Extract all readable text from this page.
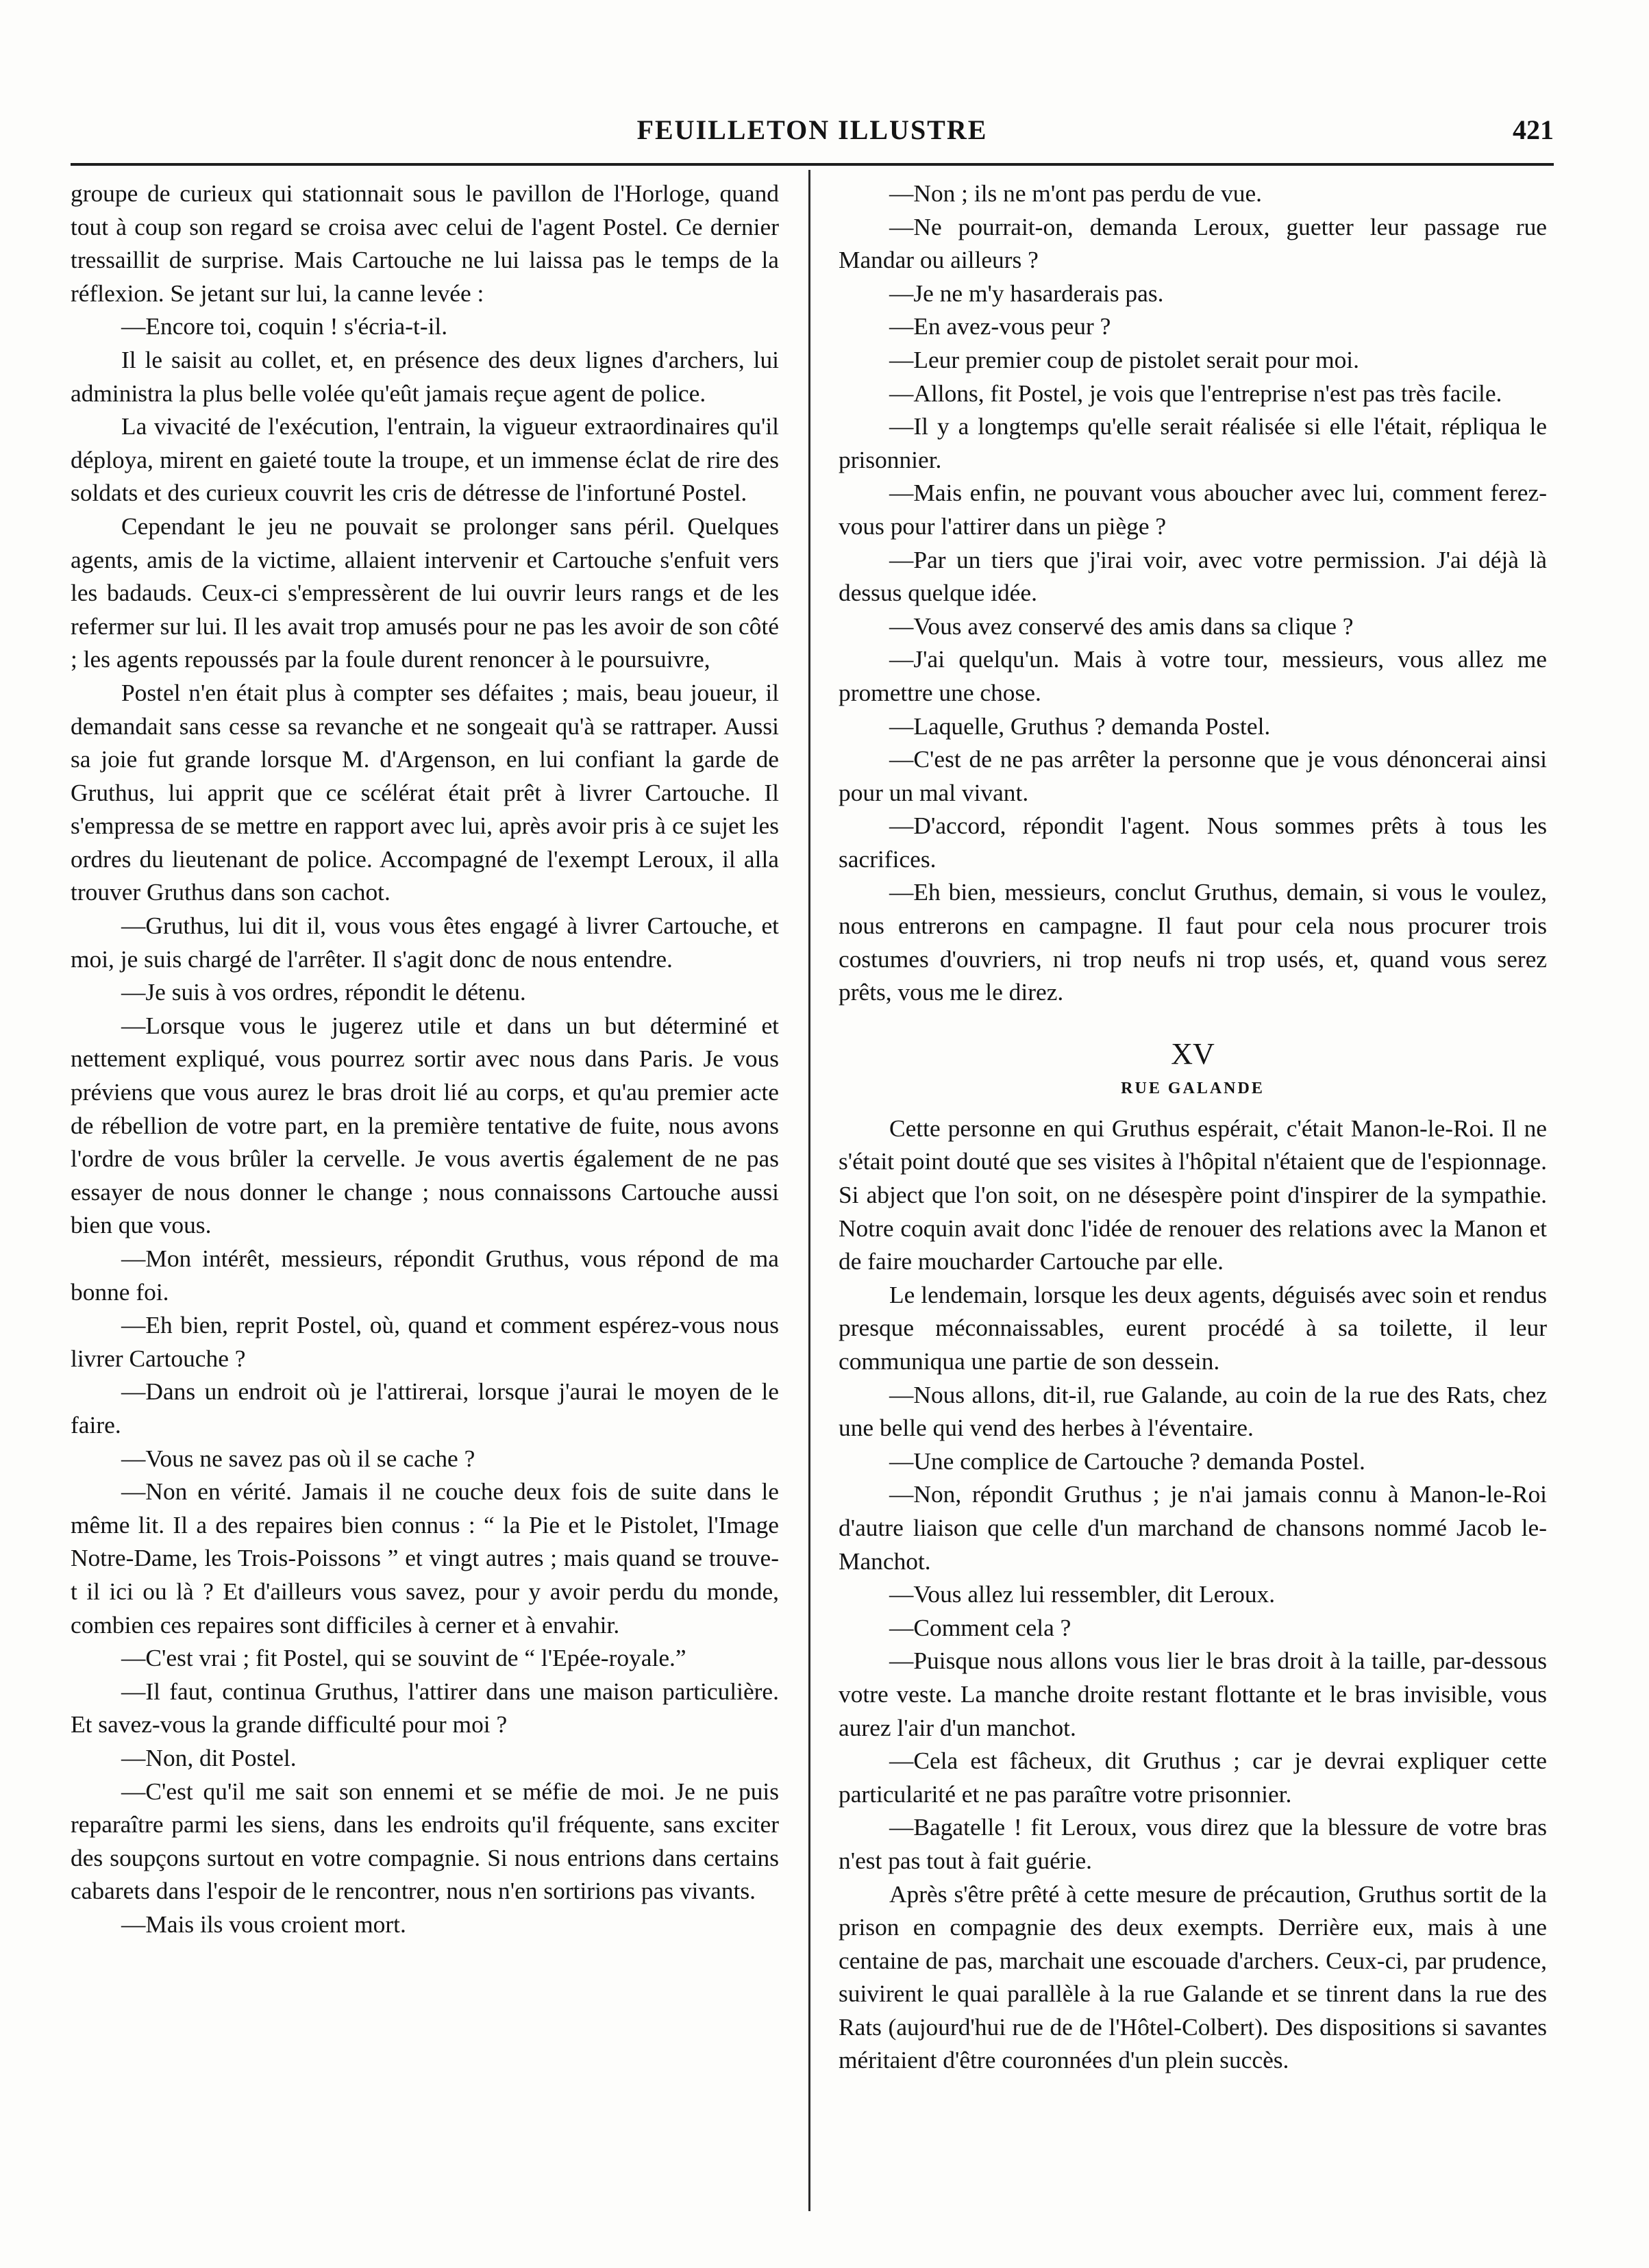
FEUILLETON ILLUSTRE	421

groupe de curieux qui stationnait sous le pavillon de l'Horloge, quand tout à coup son regard se croisa avec celui de l'agent Postel. Ce dernier tressaillit de surprise. Mais Cartouche ne lui laissa pas le temps de la réflexion. Se jetant sur lui, la canne levée :

—Encore toi, coquin ! s'écria-t-il.

Il le saisit au collet, et, en présence des deux lignes d'archers, lui administra la plus belle volée qu'eût jamais reçue agent de police.

La vivacité de l'exécution, l'entrain, la vigueur extraordinaires qu'il déploya, mirent en gaieté toute la troupe, et un immense éclat de rire des soldats et des curieux couvrit les cris de détresse de l'infortuné Postel.

Cependant le jeu ne pouvait se prolonger sans péril. Quelques agents, amis de la victime, allaient intervenir et Cartouche s'enfuit vers les badauds. Ceux-ci s'empressèrent de lui ouvrir leurs rangs et de les refermer sur lui. Il les avait trop amusés pour ne pas les avoir de son côté ; les agents repoussés par la foule durent renoncer à le poursuivre,

Postel n'en était plus à compter ses défaites ; mais, beau joueur, il demandait sans cesse sa revanche et ne songeait qu'à se rattraper. Aussi sa joie fut grande lorsque M. d'Argenson, en lui confiant la garde de Gruthus, lui apprit que ce scélérat était prêt à livrer Cartouche. Il s'empressa de se mettre en rapport avec lui, après avoir pris à ce sujet les ordres du lieutenant de police. Accompagné de l'exempt Leroux, il alla trouver Gruthus dans son cachot.

—Gruthus, lui dit il, vous vous êtes engagé à livrer Cartouche, et moi, je suis chargé de l'arrêter. Il s'agit donc de nous entendre.

—Je suis à vos ordres, répondit le détenu.

—Lorsque vous le jugerez utile et dans un but déterminé et nettement expliqué, vous pourrez sortir avec nous dans Paris. Je vous préviens que vous aurez le bras droit lié au corps, et qu'au premier acte de rébellion de votre part, en la première tentative de fuite, nous avons l'ordre de vous brûler la cervelle. Je vous avertis également de ne pas essayer de nous donner le change ; nous connaissons Cartouche aussi bien que vous.

—Mon intérêt, messieurs, répondit Gruthus, vous répond de ma bonne foi.

—Eh bien, reprit Postel, où, quand et comment espérez-vous nous livrer Cartouche ?

—Dans un endroit où je l'attirerai, lorsque j'aurai le moyen de le faire.

—Vous ne savez pas où il se cache ?

—Non en vérité. Jamais il ne couche deux fois de suite dans le même lit. Il a des repaires bien connus : “ la Pie et le Pistolet, l'Image Notre-Dame, les Trois-Poissons ” et vingt autres ; mais quand se trouve-t il ici ou là ? Et d'ailleurs vous savez, pour y avoir perdu du monde, combien ces repaires sont difficiles à cerner et à envahir.

—C'est vrai ; fit Postel, qui se souvint de “ l'Epée-royale.”

—Il faut, continua Gruthus, l'attirer dans une maison particulière. Et savez-vous la grande difficulté pour moi ?

—Non, dit Postel.

—C'est qu'il me sait son ennemi et se méfie de moi. Je ne puis reparaître parmi les siens, dans les endroits qu'il fréquente, sans exciter des soupçons surtout en votre compagnie. Si nous entrions dans certains cabarets dans l'espoir de le rencontrer, nous n'en sortirions pas vivants.

—Mais ils vous croient mort.

—Non ; ils ne m'ont pas perdu de vue.

—Ne pourrait-on, demanda Leroux, guetter leur passage rue Mandar ou ailleurs ?

—Je ne m'y hasarderais pas.

—En avez-vous peur ?

—Leur premier coup de pistolet serait pour moi.

—Allons, fit Postel, je vois que l'entreprise n'est pas très facile.

—Il y a longtemps qu'elle serait réalisée si elle l'était, répliqua le prisonnier.

—Mais enfin, ne pouvant vous aboucher avec lui, comment ferez-vous pour l'attirer dans un piège ?

—Par un tiers que j'irai voir, avec votre permission. J'ai déjà là dessus quelque idée.

—Vous avez conservé des amis dans sa clique ?

—J'ai quelqu'un. Mais à votre tour, messieurs, vous allez me promettre une chose.

—Laquelle, Gruthus ? demanda Postel.

—C'est de ne pas arrêter la personne que je vous dénoncerai ainsi pour un mal vivant.

—D'accord, répondit l'agent. Nous sommes prêts à tous les sacrifices.

—Eh bien, messieurs, conclut Gruthus, demain, si vous le voulez, nous entrerons en campagne. Il faut pour cela nous procurer trois costumes d'ouvriers, ni trop neufs ni trop usés, et, quand vous serez prêts, vous me le direz.

XV
RUE GALANDE

Cette personne en qui Gruthus espérait, c'était Manon-le-Roi. Il ne s'était point douté que ses visites à l'hôpital n'étaient que de l'espionnage. Si abject que l'on soit, on ne désespère point d'inspirer de la sympathie. Notre coquin avait donc l'idée de renouer des relations avec la Manon et de faire moucharder Cartouche par elle.

Le lendemain, lorsque les deux agents, déguisés avec soin et rendus presque méconnaissables, eurent procédé à sa toilette, il leur communiqua une partie de son dessein.

—Nous allons, dit-il, rue Galande, au coin de la rue des Rats, chez une belle qui vend des herbes à l'éventaire.

—Une complice de Cartouche ? demanda Postel.

—Non, répondit Gruthus ; je n'ai jamais connu à Manon-le-Roi d'autre liaison que celle d'un marchand de chansons nommé Jacob le-Manchot.

—Vous allez lui ressembler, dit Leroux.

—Comment cela ?

—Puisque nous allons vous lier le bras droit à la taille, par-dessous votre veste. La manche droite restant flottante et le bras invisible, vous aurez l'air d'un manchot.

—Cela est fâcheux, dit Gruthus ; car je devrai expliquer cette particularité et ne pas paraître votre prisonnier.

—Bagatelle ! fit Leroux, vous direz que la blessure de votre bras n'est pas tout à fait guérie.

Après s'être prêté à cette mesure de précaution, Gruthus sortit de la prison en compagnie des deux exempts. Derrière eux, mais à une centaine de pas, marchait une escouade d'archers. Ceux-ci, par prudence, suivirent le quai parallèle à la rue Galande et se tinrent dans la rue des Rats (aujourd'hui rue de de l'Hôtel-Colbert). Des dispositions si savantes méritaient d'être couronnées d'un plein succès.
